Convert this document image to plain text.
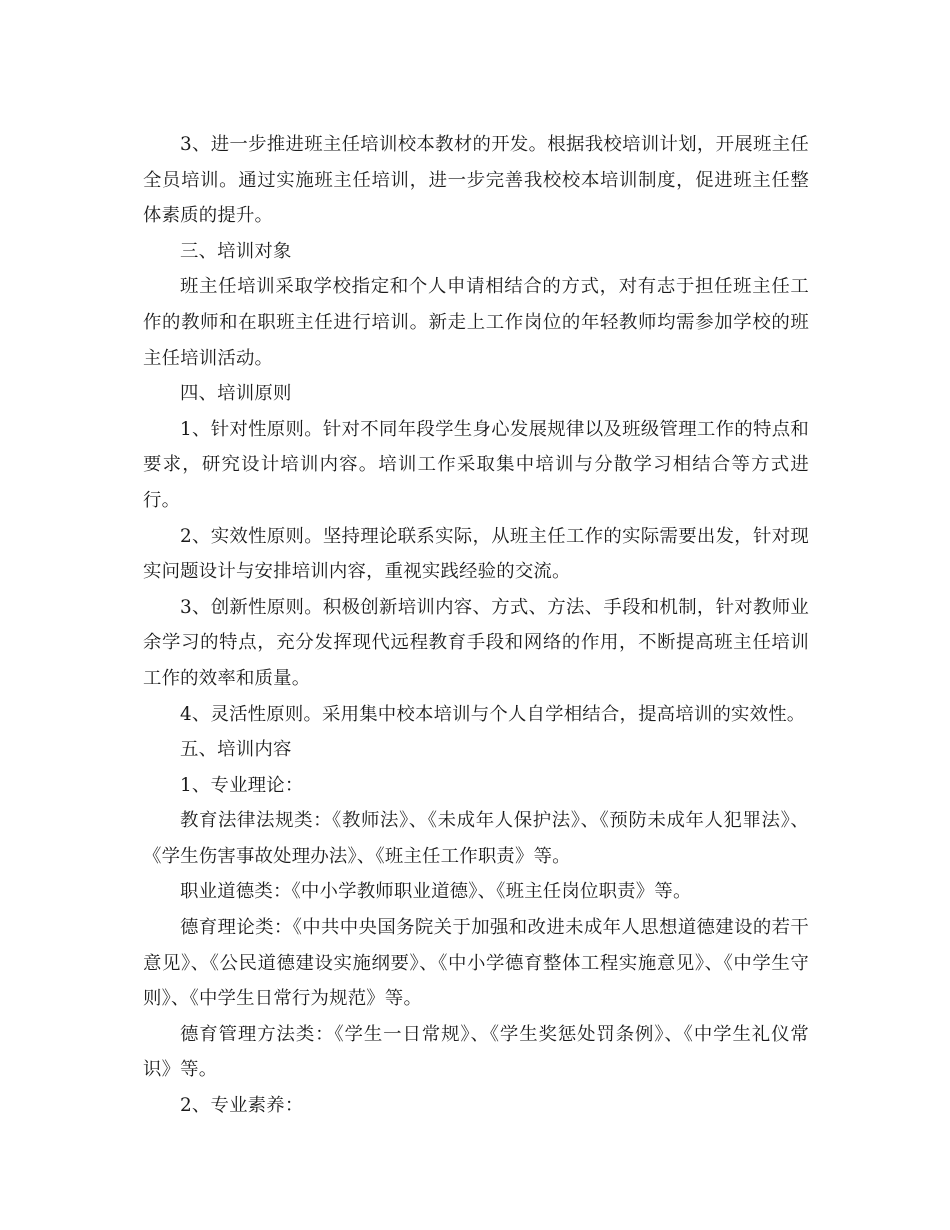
3、进一步推进班主任培训校本教材的开发。根据我校培训计划，开展班主任全员培训。通过实施班主任培训，进一步完善我校校本培训制度，促进班主任整体素质的提升。

三、培训对象

班主任培训采取学校指定和个人申请相结合的方式，对有志于担任班主任工作的教师和在职班主任进行培训。新走上工作岗位的年轻教师均需参加学校的班主任培训活动。

四、培训原则

1、针对性原则。针对不同年段学生身心发展规律以及班级管理工作的特点和要求，研究设计培训内容。培训工作采取集中培训与分散学习相结合等方式进行。

2、实效性原则。坚持理论联系实际，从班主任工作的实际需要出发，针对现实问题设计与安排培训内容，重视实践经验的交流。

3、创新性原则。积极创新培训内容、方式、方法、手段和机制，针对教师业余学习的特点，充分发挥现代远程教育手段和网络的作用，不断提高班主任培训工作的效率和质量。

4、灵活性原则。采用集中校本培训与个人自学相结合，提高培训的实效性。

五、培训内容

1、专业理论：

教育法律法规类：《教师法》、《未成年人保护法》、《预防未成年人犯罪法》、《学生伤害事故处理办法》、《班主任工作职责》等。

职业道德类：《中小学教师职业道德》、《班主任岗位职责》等。

德育理论类：《中共中央国务院关于加强和改进未成年人思想道德建设的若干意见》、《公民道德建设实施纲要》、《中小学德育整体工程实施意见》、《中学生守则》、《中学生日常行为规范》等。

德育管理方法类：《学生一日常规》、《学生奖惩处罚条例》、《中学生礼仪常识》等。

2、专业素养：
